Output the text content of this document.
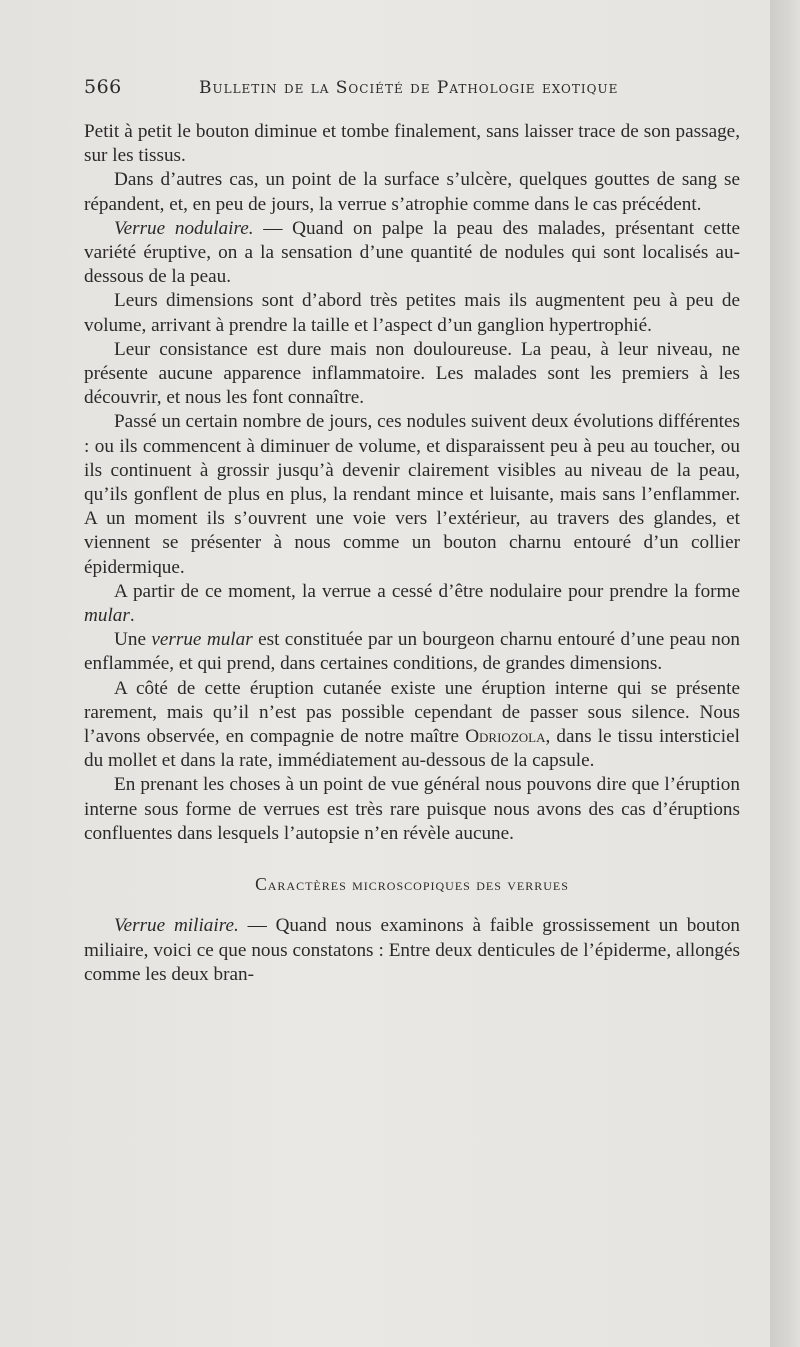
566	Bulletin de la Société de Pathologie exotique

Petit à petit le bouton diminue et tombe finalement, sans laisser trace de son passage, sur les tissus.

Dans d’autres cas, un point de la surface s’ulcère, quelques gouttes de sang se répandent, et, en peu de jours, la verrue s’atrophie comme dans le cas précédent.

Verrue nodulaire. — Quand on palpe la peau des malades, présentant cette variété éruptive, on a la sensation d’une quantité de nodules qui sont localisés au-dessous de la peau.

Leurs dimensions sont d’abord très petites mais ils augmentent peu à peu de volume, arrivant à prendre la taille et l’aspect d’un ganglion hypertrophié.

Leur consistance est dure mais non douloureuse. La peau, à leur niveau, ne présente aucune apparence inflammatoire. Les malades sont les premiers à les découvrir, et nous les font connaître.

Passé un certain nombre de jours, ces nodules suivent deux évolutions différentes : ou ils commencent à diminuer de volume, et disparaissent peu à peu au toucher, ou ils continuent à grossir jusqu’à devenir clairement visibles au niveau de la peau, qu’ils gonflent de plus en plus, la rendant mince et luisante, mais sans l’enflammer. A un moment ils s’ouvrent une voie vers l’extérieur, au travers des glandes, et viennent se présenter à nous comme un bouton charnu entouré d’un collier épidermique.

A partir de ce moment, la verrue a cessé d’être nodulaire pour prendre la forme mular.

Une verrue mular est constituée par un bourgeon charnu entouré d’une peau non enflammée, et qui prend, dans certaines conditions, de grandes dimensions.

A côté de cette éruption cutanée existe une éruption interne qui se présente rarement, mais qu’il n’est pas possible cependant de passer sous silence. Nous l’avons observée, en compagnie de notre maître Odriozola, dans le tissu intersticiel du mollet et dans la rate, immédiatement au-dessous de la capsule.

En prenant les choses à un point de vue général nous pouvons dire que l’éruption interne sous forme de verrues est très rare puisque nous avons des cas d’éruptions confluentes dans lesquels l’autopsie n’en révèle aucune.

Caractères microscopiques des verrues

Verrue miliaire. — Quand nous examinons à faible grossissement un bouton miliaire, voici ce que nous constatons : Entre deux denticules de l’épiderme, allongés comme les deux bran-
